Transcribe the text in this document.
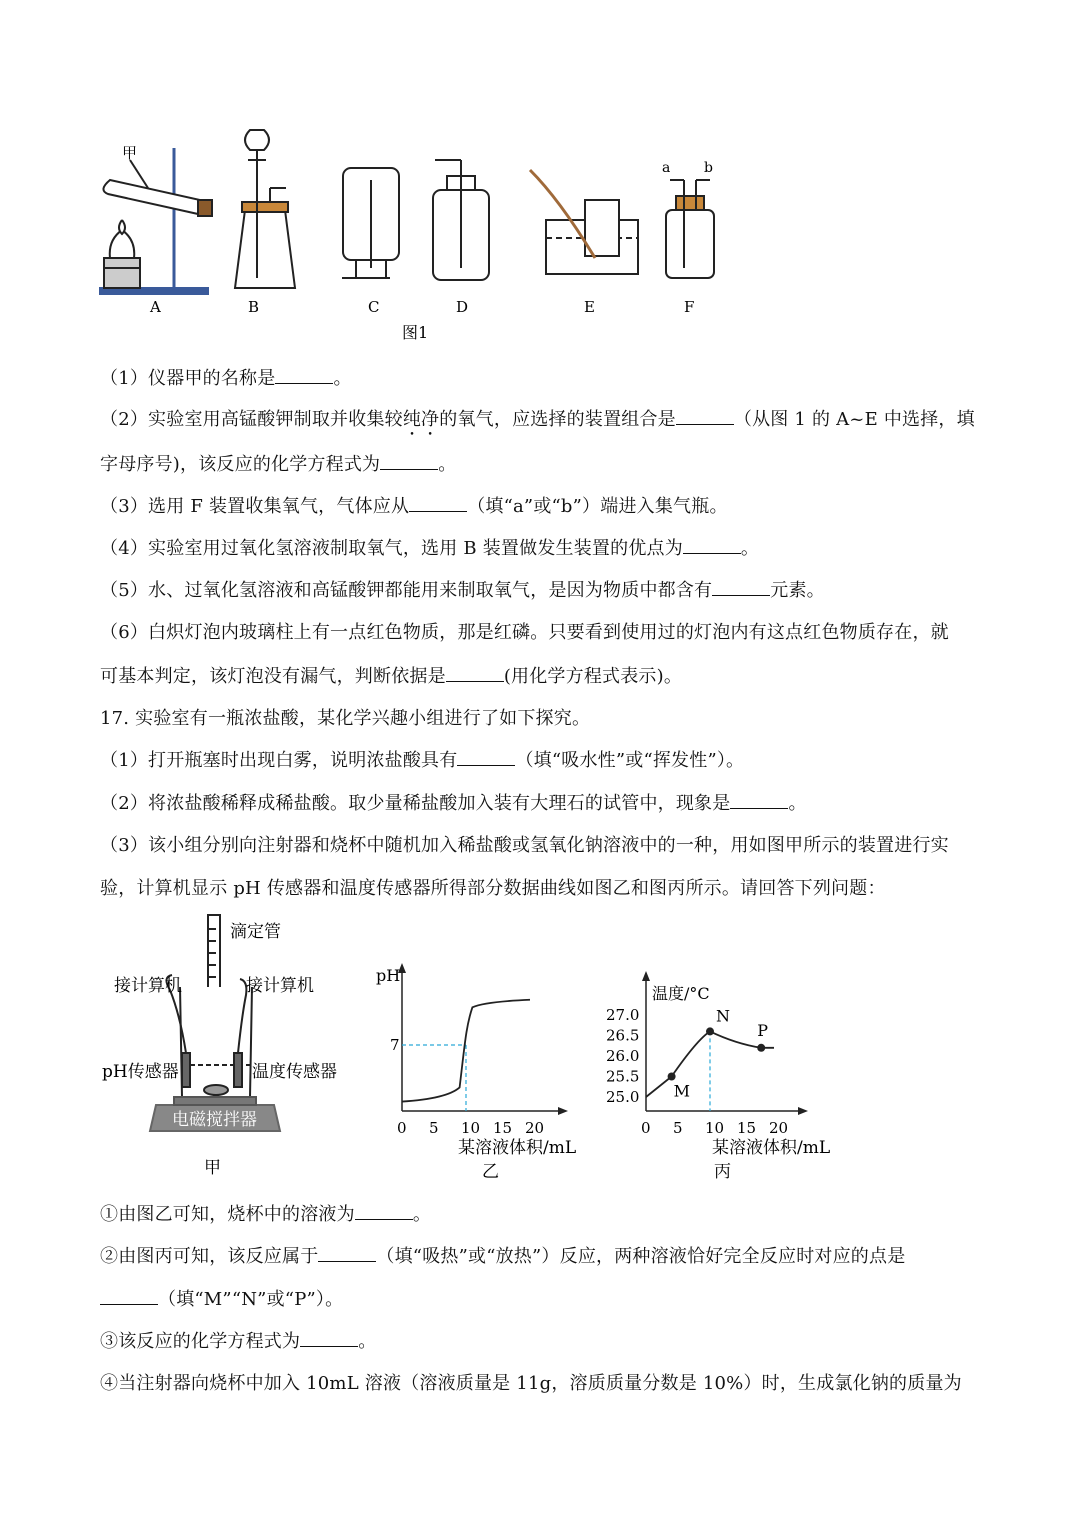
甲
a b
A	B	C	D	E	F
图1
（1）仪器甲的名称是	。
（2）实验室用高锰酸钾制取并收集较纯净的氧气，应选择的装置组合是	（从图 1 的 A~E 中选择，填
字母序号)，该反应的化学方程式为	。
（3）选用 F 装置收集氧气，气体应从	（填“a”或“b”）端进入集气瓶。
（4）实验室用过氧化氢溶液制取氧气，选用 B 装置做发生装置的优点为	。
（5）水、过氧化氢溶液和高锰酸钾都能用来制取氧气，是因为物质中都含有	元素。
（6）白炽灯泡内玻璃柱上有一点红色物质，那是红磷。只要看到使用过的灯泡内有这点红色物质存在，就
可基本判定，该灯泡没有漏气，判断依据是	(用化学方程式表示)。
17. 实验室有一瓶浓盐酸，某化学兴趣小组进行了如下探究。
（1）打开瓶塞时出现白雾，说明浓盐酸具有	（填“吸水性”或“挥发性”）。
（2）将浓盐酸稀释成稀盐酸。取少量稀盐酸加入装有大理石的试管中，现象是	。
（3）该小组分别向注射器和烧杯中随机加入稀盐酸或氢氧化钠溶液中的一种，用如图甲所示的装置进行实
验，计算机显示 pH 传感器和温度传感器所得部分数据曲线如图乙和图丙所示。请回答下列问题：
滴定管
接计算机	接计算机
pH传感器	温度传感器
电磁搅拌器
甲
pH
7
0 5 10 15 20
某溶液体积/mL
乙
温度/°C
27.0
26.5
26.0
25.5
25.0
0 5 10 15 20
某溶液体积/mL
丙
M
N
P
①由图乙可知，烧杯中的溶液为	。
②由图丙可知，该反应属于	（填“吸热”或“放热”）反应，两种溶液恰好完全反应时对应的点是
（填“M”“N”或“P”）。
③该反应的化学方程式为	。
④当注射器向烧杯中加入 10mL 溶液（溶液质量是 11g，溶质质量分数是 10%）时，生成氯化钠的质量为
